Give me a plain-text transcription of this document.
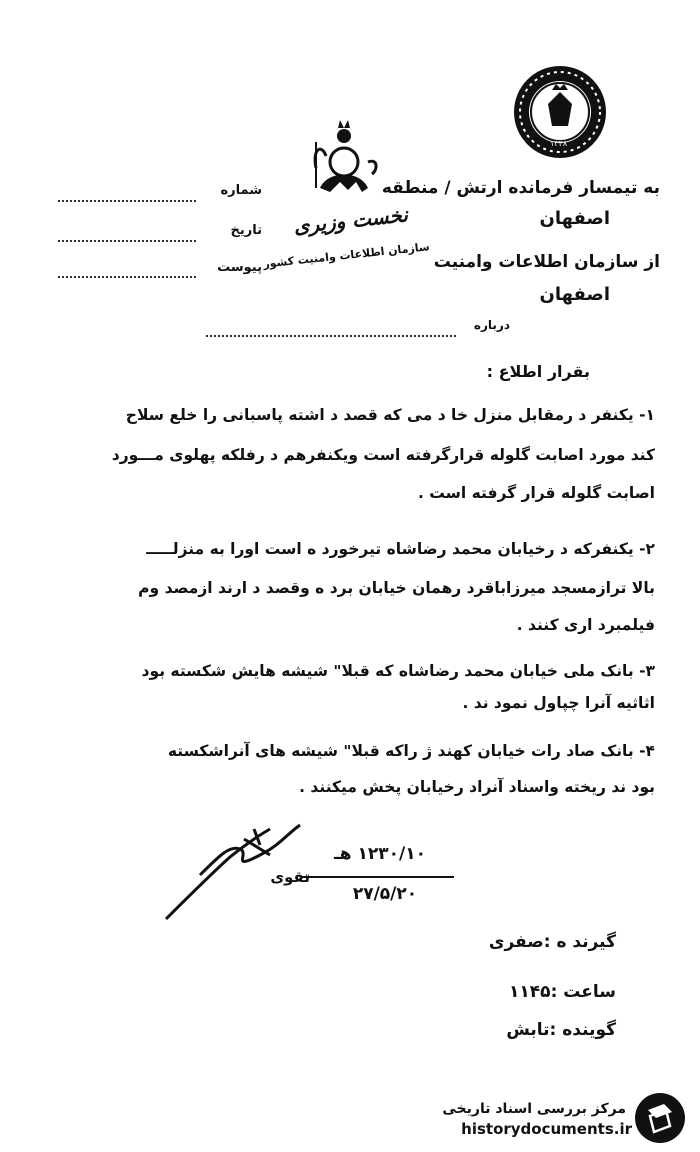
۱۳۴۸
نخست وزیری
سازمان اطلاعات وامنیت کشور
به تیمسار فرمانده ارتش / منطقه
اصفهان
از سازمان اطلاعات وامنیت
اصفهان
شماره
تاریخ
پیوست
درباره
بقرار اطلاع :
۱- یکنفر د رمقابل منزل خا د می که قصد د اشته پاسبانی را خلع سلاح
کند مورد اصابت گلوله قرارگرفته است ویکنفرهم د رفلکه پهلوی مـــورد
اصابت گلوله قرار گرفته است .
۲- یکنفرکه د رخیابان محمد رضاشاه تیرخورد ه است اورا به منزلـــــ
بالا ترازمسجد میرزاباقرد رهمان خیابان برد ه وقصد د ارند ازمصد وم
فیلمبرد اری کنند .
۳- بانک ملی خیابان محمد رضاشاه که قبلا" شیشه هایش شکسته بود
اثاثیه آنرا چپاول نمود ند .
۴- بانک صاد رات خیابان کهند ژ راکه قبلا" شیشه های آنراشکسته
بود ند ریخته واسناد آنراد رخیابان پخش میکنند .
۱۲۳۰/۱۰ هـ
تقوی
۲۷/۵/۲۰
گیرند ه :صفری
ساعت :۱۱۴۵
گوینده :تابش
مرکز بررسی اسناد تاریخی
historydocuments.ir
